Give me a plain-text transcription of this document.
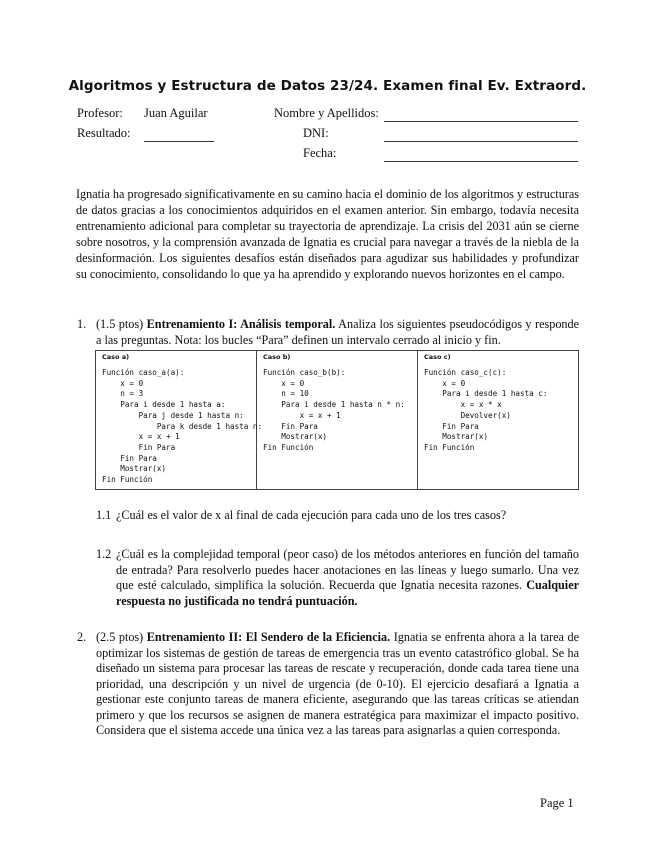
Algoritmos y Estructura de Datos 23/24. Examen final Ev. Extraord.
Profesor: Juan Aguilar
Resultado:
Nombre y Apellidos:
DNI:
Fecha:

Ignatia ha progresado significativamente en su camino hacia el dominio de los algoritmos y estructuras de datos gracias a los conocimientos adquiridos en el examen anterior. Sin embargo, todavía necesita entrenamiento adicional para completar su trayectoria de aprendizaje. La crisis del 2031 aún se cierne sobre nosotros, y la comprensión avanzada de Ignatia es crucial para navegar a través de la niebla de la desinformación. Los siguientes desafíos están diseñados para agudizar sus habilidades y profundizar su conocimiento, consolidando lo que ya ha aprendido y explorando nuevos horizontes en el campo.

1. (1.5 ptos) Entrenamiento I: Análisis temporal. Analiza los siguientes pseudocódigos y responde a las preguntas. Nota: los bucles “Para” definen un intervalo cerrado al inicio y fin.

Caso a)
Función caso_a(a):
x = 0
n = 3
Para i desde 1 hasta a:
Para j desde 1 hasta n:
Para k desde 1 hasta n:
x = x + 1
Fin Para
Fin Para
Mostrar(x)
Fin Función

Caso b)
Función caso_b(b):
x = 0
n = 10
Para i desde 1 hasta n * n:
x = x + 1
Fin Para
Mostrar(x)
Fin Función

Caso c)
Función caso_c(c):
x = 0
Para i desde 1 hasta c:
x = x * x
Devolver(x)
Fin Para
Mostrar(x)
Fin Función
1.1 ¿Cuál es el valor de x al final de cada ejecución para cada uno de los tres casos?

1.2 ¿Cuál es la complejidad temporal (peor caso) de los métodos anteriores en función del tamaño de entrada? Para resolverlo puedes hacer anotaciones en las líneas y luego sumarlo. Una vez que esté calculado, simplifica la solución. Recuerda que Ignatia necesita razones. Cualquier respuesta no justificada no tendrá puntuación.

2. (2.5 ptos) Entrenamiento II: El Sendero de la Eficiencia. Ignatia se enfrenta ahora a la tarea de optimizar los sistemas de gestión de tareas de emergencia tras un evento catastrófico global. Se ha diseñado un sistema para procesar las tareas de rescate y recuperación, donde cada tarea tiene una prioridad, una descripción y un nivel de urgencia (de 0-10). El ejercicio desafiará a Ignatia a gestionar este conjunto tareas de manera eficiente, asegurando que las tareas críticas se atiendan primero y que los recursos se asignen de manera estratégica para maximizar el impacto positivo. Considera que el sistema accede una única vez a las tareas para asignarlas a quien corresponda.

Page 1
